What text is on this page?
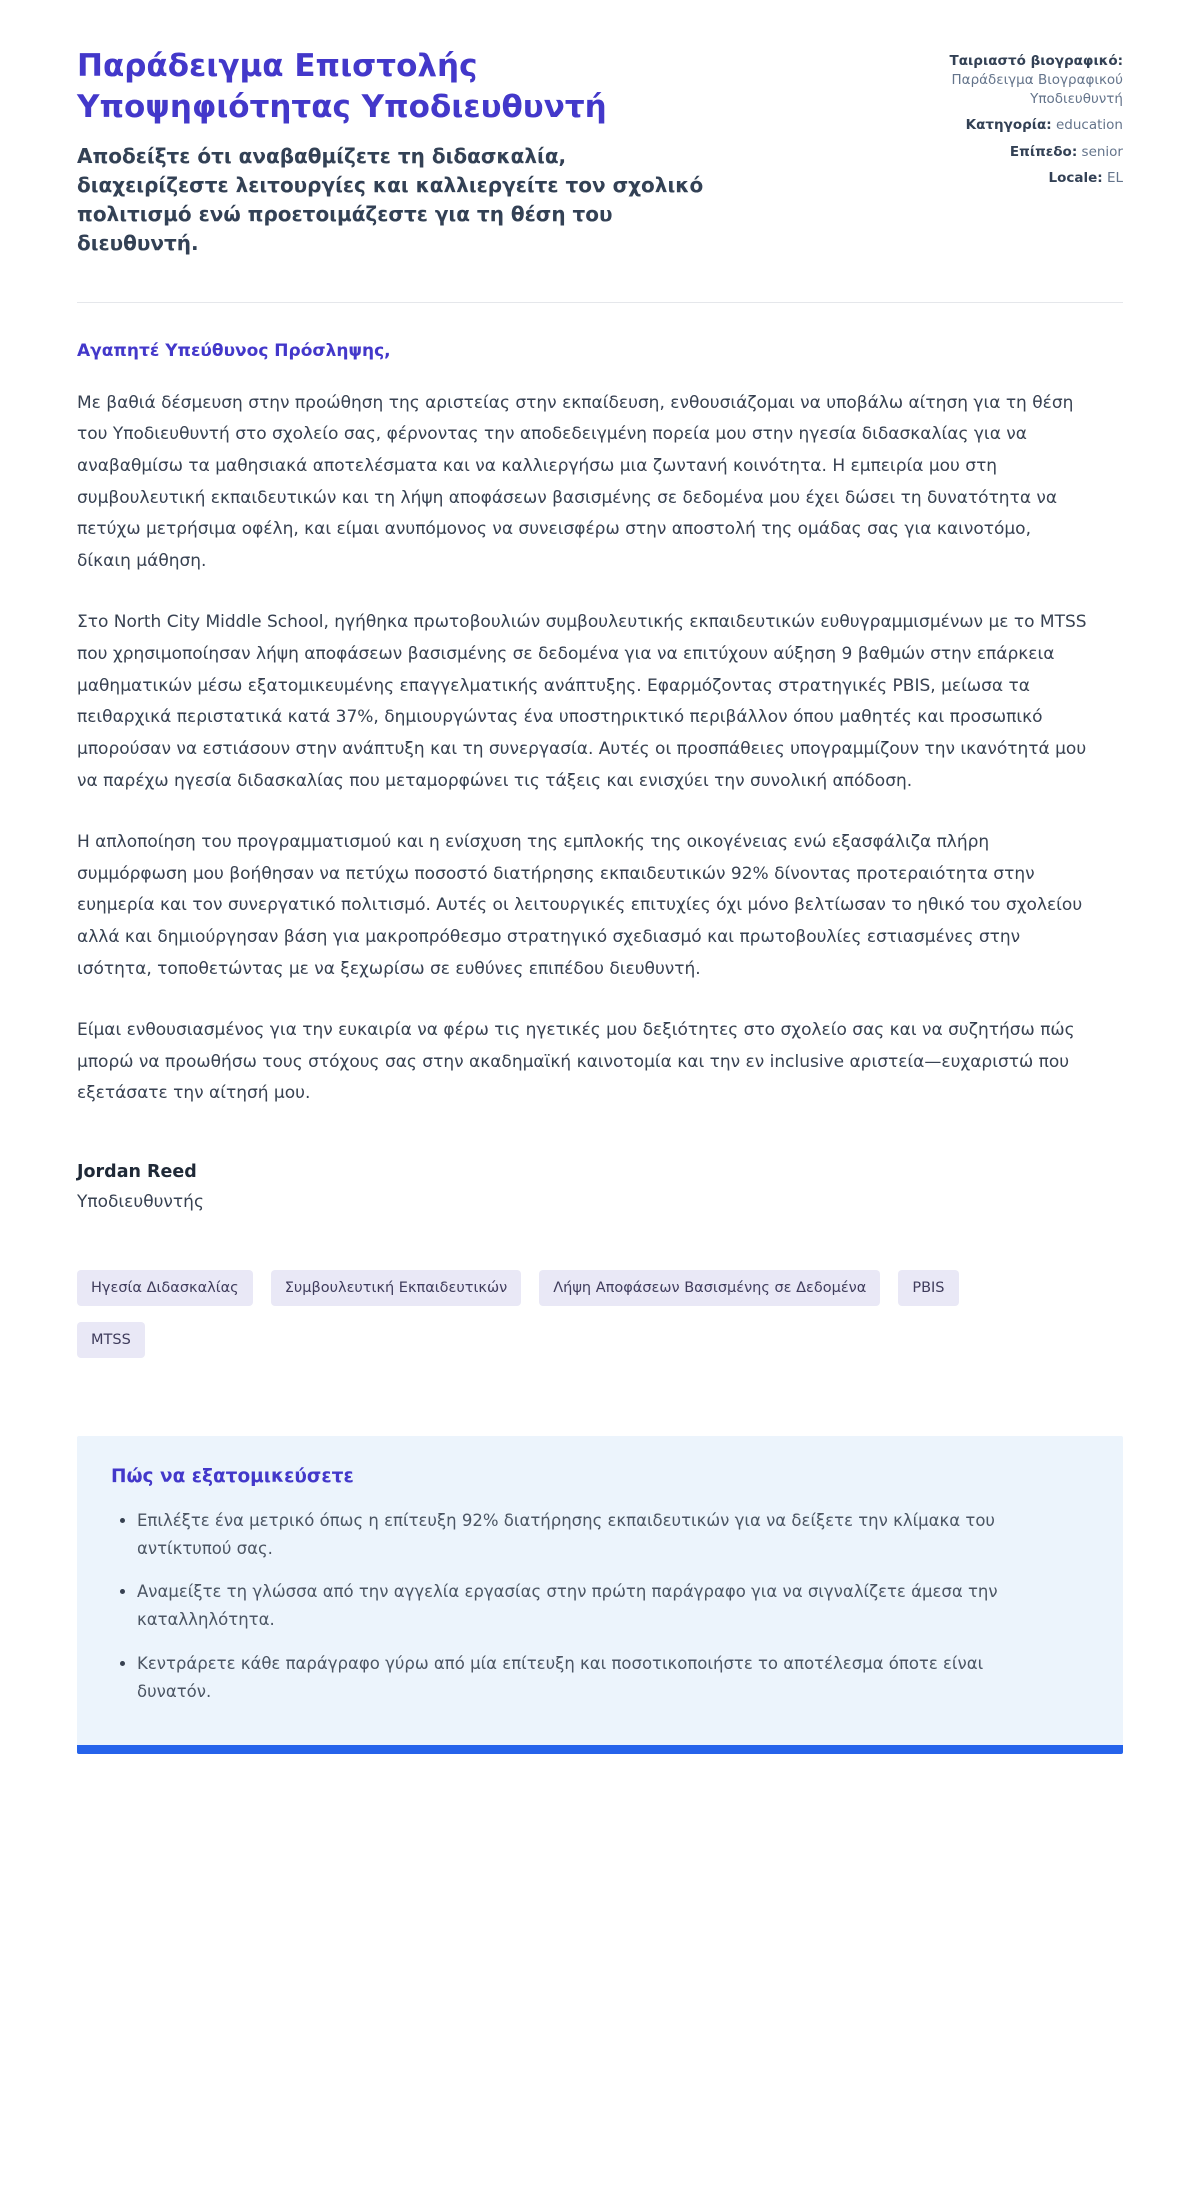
Παράδειγμα Επιστολής Υποψηφιότητας Υποδιευθυντή

Αποδείξτε ότι αναβαθμίζετε τη διδασκαλία, διαχειρίζεστε λειτουργίες και καλλιεργείτε τον σχολικό πολιτισμό ενώ προετοιμάζεστε για τη θέση του διευθυντή.

Ταιριαστό βιογραφικό: Παράδειγμα Βιογραφικού Υποδιευθυντή
Κατηγορία: education
Επίπεδο: senior
Locale: EL

Αγαπητέ Υπεύθυνος Πρόσληψης,

Με βαθιά δέσμευση στην προώθηση της αριστείας στην εκπαίδευση, ενθουσιάζομαι να υποβάλω αίτηση για τη θέση του Υποδιευθυντή στο σχολείο σας, φέρνοντας την αποδεδειγμένη πορεία μου στην ηγεσία διδασκαλίας για να αναβαθμίσω τα μαθησιακά αποτελέσματα και να καλλιεργήσω μια ζωντανή κοινότητα. Η εμπειρία μου στη συμβουλευτική εκπαιδευτικών και τη λήψη αποφάσεων βασισμένης σε δεδομένα μου έχει δώσει τη δυνατότητα να πετύχω μετρήσιμα οφέλη, και είμαι ανυπόμονος να συνεισφέρω στην αποστολή της ομάδας σας για καινοτόμο, δίκαιη μάθηση.

Στο North City Middle School, ηγήθηκα πρωτοβουλιών συμβουλευτικής εκπαιδευτικών ευθυγραμμισμένων με το MTSS που χρησιμοποίησαν λήψη αποφάσεων βασισμένης σε δεδομένα για να επιτύχουν αύξηση 9 βαθμών στην επάρκεια μαθηματικών μέσω εξατομικευμένης επαγγελματικής ανάπτυξης. Εφαρμόζοντας στρατηγικές PBIS, μείωσα τα πειθαρχικά περιστατικά κατά 37%, δημιουργώντας ένα υποστηρικτικό περιβάλλον όπου μαθητές και προσωπικό μπορούσαν να εστιάσουν στην ανάπτυξη και τη συνεργασία. Αυτές οι προσπάθειες υπογραμμίζουν την ικανότητά μου να παρέχω ηγεσία διδασκαλίας που μεταμορφώνει τις τάξεις και ενισχύει την συνολική απόδοση.

Η απλοποίηση του προγραμματισμού και η ενίσχυση της εμπλοκής της οικογένειας ενώ εξασφάλιζα πλήρη συμμόρφωση μου βοήθησαν να πετύχω ποσοστό διατήρησης εκπαιδευτικών 92% δίνοντας προτεραιότητα στην ευημερία και τον συνεργατικό πολιτισμό. Αυτές οι λειτουργικές επιτυχίες όχι μόνο βελτίωσαν το ηθικό του σχολείου αλλά και δημιούργησαν βάση για μακροπρόθεσμο στρατηγικό σχεδιασμό και πρωτοβουλίες εστιασμένες στην ισότητα, τοποθετώντας με να ξεχωρίσω σε ευθύνες επιπέδου διευθυντή.

Είμαι ενθουσιασμένος για την ευκαιρία να φέρω τις ηγετικές μου δεξιότητες στο σχολείο σας και να συζητήσω πώς μπορώ να προωθήσω τους στόχους σας στην ακαδημαϊκή καινοτομία και την εν inclusive αριστεία—ευχαριστώ που εξετάσατε την αίτησή μου.

Jordan Reed

Υποδιευθυντής

Ηγεσία Διδασκαλίας	Συμβουλευτική Εκπαιδευτικών	Λήψη Αποφάσεων Βασισμένης σε Δεδομένα	PBIS
MTSS
Πώς να εξατομικεύσετε
• Επιλέξτε ένα μετρικό όπως η επίτευξη 92% διατήρησης εκπαιδευτικών για να δείξετε την κλίμακα του αντίκτυπού σας.
• Αναμείξτε τη γλώσσα από την αγγελία εργασίας στην πρώτη παράγραφο για να σιγναλίζετε άμεσα την καταλληλότητα.
• Κεντράρετε κάθε παράγραφο γύρω από μία επίτευξη και ποσοτικοποιήστε το αποτέλεσμα όποτε είναι δυνατόν.
